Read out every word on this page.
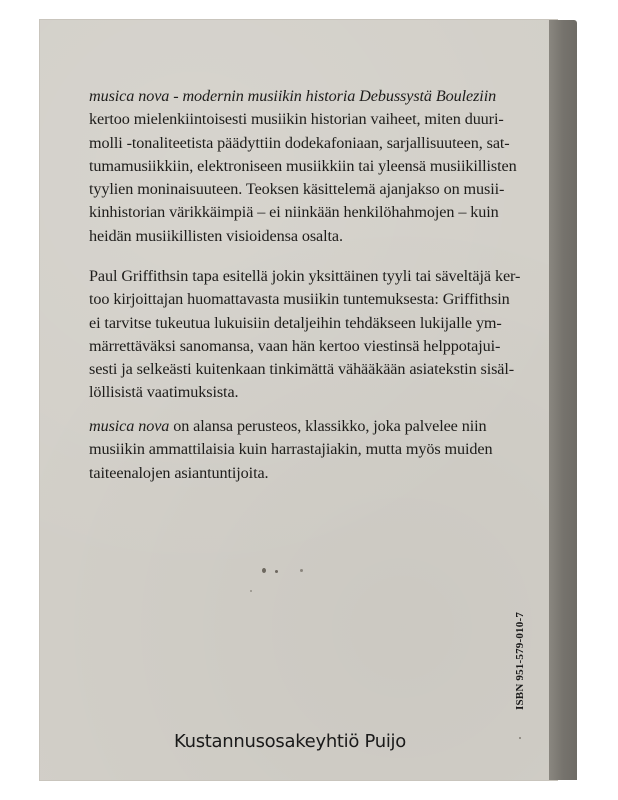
musica nova - modernin musiikin historia Debussystä Bouleziin
kertoo mielenkiintoisesti musiikin historian vaiheet, miten duuri-
molli -tonaliteetista päädyttiin dodekafoniaan, sarjallisuuteen, sat-
tumamusiikkiin, elektroniseen musiikkiin tai yleensä musiikillisten
tyylien moninaisuuteen. Teoksen käsittelemä ajanjakso on musii-
kinhistorian värikkäimpiä – ei niinkään henkilöhahmojen – kuin
heidän musiikillisten visioidensa osalta.
Paul Griffithsin tapa esitellä jokin yksittäinen tyyli tai säveltäjä ker-
too kirjoittajan huomattavasta musiikin tuntemuksesta: Griffithsin
ei tarvitse tukeutua lukuisiin detaljeihin tehdäkseen lukijalle ym-
märrettäväksi sanomansa, vaan hän kertoo viestinsä helppotajui-
sesti ja selkeästi kuitenkaan tinkimättä vähääkään asiatekstin sisäl-
löllisistä vaatimuksista.
musica nova on alansa perusteos, klassikko, joka palvelee niin
musiikin ammattilaisia kuin harrastajiakin, mutta myös muiden
taiteenalojen asiantuntijoita.
Kustannusosakeyhtiö Puijo
ISBN 951-579-010-7
